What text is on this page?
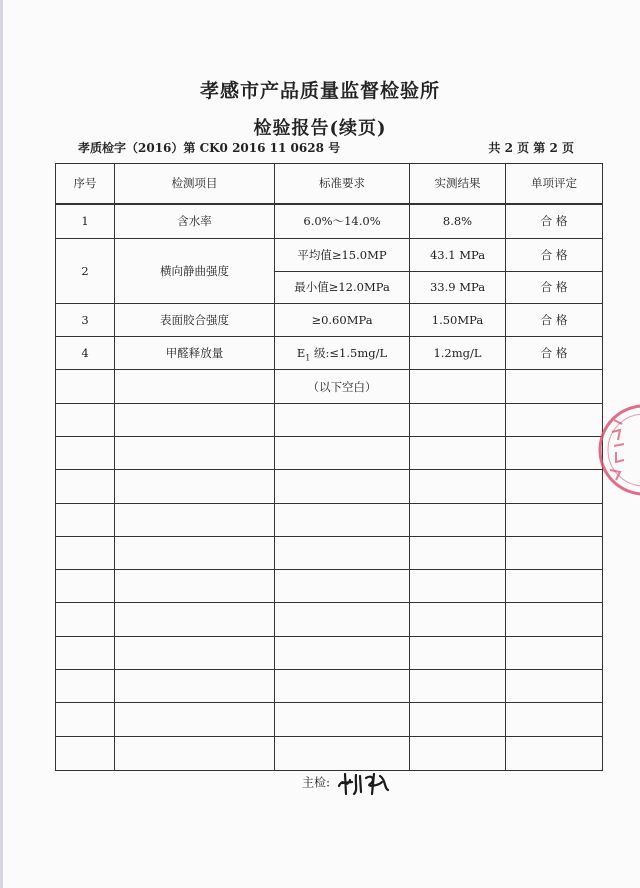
孝感市产品质量监督检验所
检验报告(续页)
孝质检字（2016）第 CK0 2016 11 0628 号	共 2 页 第 2 页
序号	检测项目	标准要求	实测结果	单项评定
1	含水率	6.0%～14.0%	8.8%	合 格
2	横向静曲强度	平均值≥15.0MP	43.1 MPa	合 格
		最小值≥12.0MPa	33.9 MPa	合 格
3	表面胶合强度	≥0.60MPa	1.50MPa	合 格
4	甲醛释放量	$E_1$ 级:≤1.5mg/L	1.2mg/L	合 格
		（以下空白）		

主检:
